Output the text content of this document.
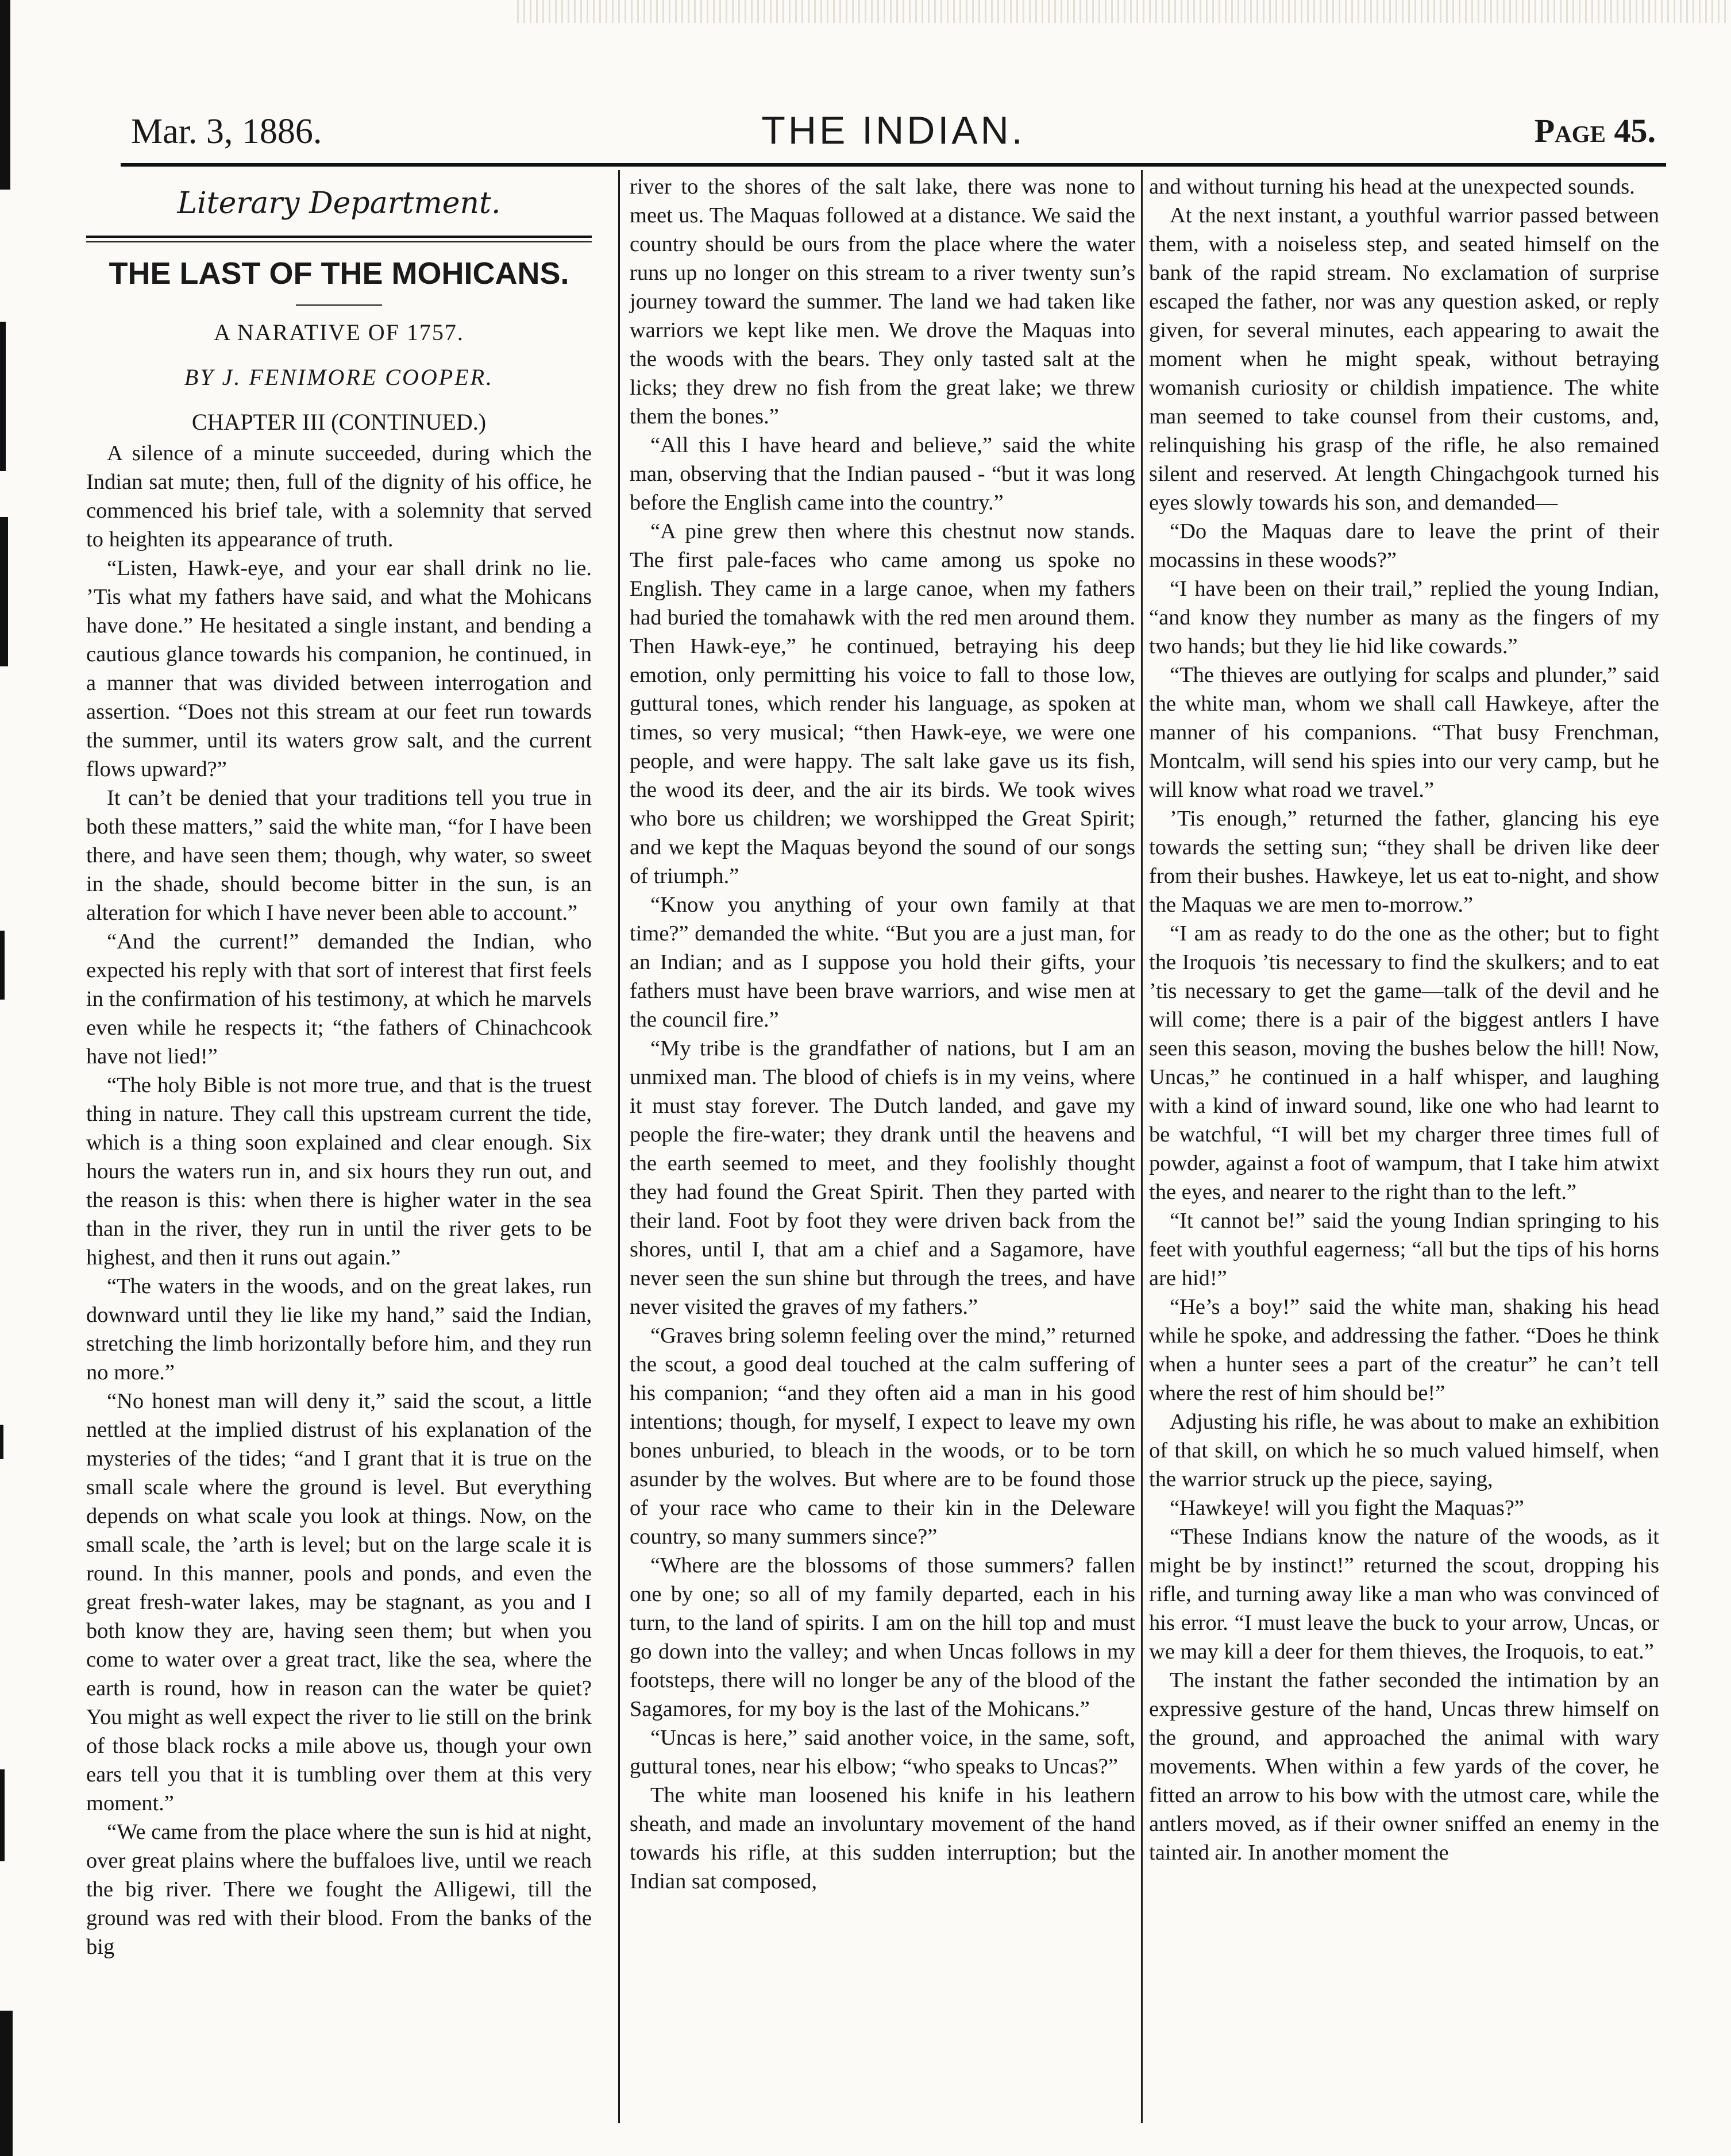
Mar. 3, 1886.	THE INDIAN.	Page 45.
Literary Department.
THE LAST OF THE MOHICANS.
A NARATIVE OF 1757.
BY J. FENIMORE COOPER.
CHAPTER III (CONTINUED.)

A silence of a minute succeeded, during which the Indian sat mute; then, full of the dignity of his office, he commenced his brief tale, with a solemnity that served to heighten its appearance of truth.

“Listen, Hawk-eye, and your ear shall drink no lie. ’Tis what my fathers have said, and what the Mohicans have done.” He hesitated a single instant, and bending a cautious glance towards his companion, he continued, in a manner that was divided between interrogation and assertion. “Does not this stream at our feet run towards the summer, until its waters grow salt, and the current flows upward?”

It can’t be denied that your traditions tell you true in both these matters,” said the white man, “for I have been there, and have seen them; though, why water, so sweet in the shade, should become bitter in the sun, is an alteration for which I have never been able to account.”

“And the current!” demanded the Indian, who expected his reply with that sort of interest that first feels in the confirmation of his testimony, at which he marvels even while he respects it; “the fathers of Chinachcook have not lied!”

“The holy Bible is not more true, and that is the truest thing in nature. They call this upstream current the tide, which is a thing soon explained and clear enough. Six hours the waters run in, and six hours they run out, and the reason is this: when there is higher water in the sea than in the river, they run in until the river gets to be highest, and then it runs out again.”

“The waters in the woods, and on the great lakes, run downward until they lie like my hand,” said the Indian, stretching the limb horizontally before him, and they run no more.”

“No honest man will deny it,” said the scout, a little nettled at the implied distrust of his explanation of the mysteries of the tides; “and I grant that it is true on the small scale where the ground is level. But everything depends on what scale you look at things. Now, on the small scale, the ’arth is level; but on the large scale it is round. In this manner, pools and ponds, and even the great fresh-water lakes, may be stagnant, as you and I both know they are, having seen them; but when you come to water over a great tract, like the sea, where the earth is round, how in reason can the water be quiet? You might as well expect the river to lie still on the brink of those black rocks a mile above us, though your own ears tell you that it is tumbling over them at this very moment.”

“We came from the place where the sun is hid at night, over great plains where the buffaloes live, until we reach the big river. There we fought the Alligewi, till the ground was red with their blood. From the banks of the big

river to the shores of the salt lake, there was none to meet us. The Maquas followed at a distance. We said the country should be ours from the place where the water runs up no longer on this stream to a river twenty sun’s journey toward the summer. The land we had taken like warriors we kept like men. We drove the Maquas into the woods with the bears. They only tasted salt at the licks; they drew no fish from the great lake; we threw them the bones.”

“All this I have heard and believe,” said the white man, observing that the Indian paused - “but it was long before the English came into the country.”

“A pine grew then where this chestnut now stands. The first pale-faces who came among us spoke no English. They came in a large canoe, when my fathers had buried the tomahawk with the red men around them. Then Hawk-eye,” he continued, betraying his deep emotion, only permitting his voice to fall to those low, guttural tones, which render his language, as spoken at times, so very musical; “then Hawk-eye, we were one people, and were happy. The salt lake gave us its fish, the wood its deer, and the air its birds. We took wives who bore us children; we worshipped the Great Spirit; and we kept the Maquas beyond the sound of our songs of triumph.”

“Know you anything of your own family at that time?” demanded the white. “But you are a just man, for an Indian; and as I suppose you hold their gifts, your fathers must have been brave warriors, and wise men at the council fire.”

“My tribe is the grandfather of nations, but I am an unmixed man. The blood of chiefs is in my veins, where it must stay forever. The Dutch landed, and gave my people the fire-water; they drank until the heavens and the earth seemed to meet, and they foolishly thought they had found the Great Spirit. Then they parted with their land. Foot by foot they were driven back from the shores, until I, that am a chief and a Sagamore, have never seen the sun shine but through the trees, and have never visited the graves of my fathers.”

“Graves bring solemn feeling over the mind,” returned the scout, a good deal touched at the calm suffering of his companion; “and they often aid a man in his good intentions; though, for myself, I expect to leave my own bones unburied, to bleach in the woods, or to be torn asunder by the wolves. But where are to be found those of your race who came to their kin in the Deleware country, so many summers since?”

“Where are the blossoms of those summers? fallen one by one; so all of my family departed, each in his turn, to the land of spirits. I am on the hill top and must go down into the valley; and when Uncas follows in my footsteps, there will no longer be any of the blood of the Sagamores, for my boy is the last of the Mohicans.”

“Uncas is here,” said another voice, in the same, soft, guttural tones, near his elbow; “who speaks to Uncas?”

The white man loosened his knife in his leathern sheath, and made an involuntary movement of the hand towards his rifle, at this sudden interruption; but the Indian sat composed,

and without turning his head at the unexpected sounds.

At the next instant, a youthful warrior passed between them, with a noiseless step, and seated himself on the bank of the rapid stream. No exclamation of surprise escaped the father, nor was any question asked, or reply given, for several minutes, each appearing to await the moment when he might speak, without betraying womanish curiosity or childish impatience. The white man seemed to take counsel from their customs, and, relinquishing his grasp of the rifle, he also remained silent and reserved. At length Chingachgook turned his eyes slowly towards his son, and demanded—

“Do the Maquas dare to leave the print of their mocassins in these woods?”

“I have been on their trail,” replied the young Indian, “and know they number as many as the fingers of my two hands; but they lie hid like cowards.”

“The thieves are outlying for scalps and plunder,” said the white man, whom we shall call Hawkeye, after the manner of his companions. “That busy Frenchman, Montcalm, will send his spies into our very camp, but he will know what road we travel.”

’Tis enough,” returned the father, glancing his eye towards the setting sun; “they shall be driven like deer from their bushes. Hawkeye, let us eat to-night, and show the Maquas we are men to-morrow.”

“I am as ready to do the one as the other; but to fight the Iroquois ’tis necessary to find the skulkers; and to eat ’tis necessary to get the game—talk of the devil and he will come; there is a pair of the biggest antlers I have seen this season, moving the bushes below the hill! Now, Uncas,” he continued in a half whisper, and laughing with a kind of inward sound, like one who had learnt to be watchful, “I will bet my charger three times full of powder, against a foot of wampum, that I take him atwixt the eyes, and nearer to the right than to the left.”

“It cannot be!” said the young Indian springing to his feet with youthful eagerness; “all but the tips of his horns are hid!”

“He’s a boy!” said the white man, shaking his head while he spoke, and addressing the father. “Does he think when a hunter sees a part of the creatur” he can’t tell where the rest of him should be!”

Adjusting his rifle, he was about to make an exhibition of that skill, on which he so much valued himself, when the warrior struck up the piece, saying,

“Hawkeye! will you fight the Maquas?”

“These Indians know the nature of the woods, as it might be by instinct!” returned the scout, dropping his rifle, and turning away like a man who was convinced of his error. “I must leave the buck to your arrow, Uncas, or we may kill a deer for them thieves, the Iroquois, to eat.”

The instant the father seconded the intimation by an expressive gesture of the hand, Uncas threw himself on the ground, and approached the animal with wary movements. When within a few yards of the cover, he fitted an arrow to his bow with the utmost care, while the antlers moved, as if their owner sniffed an enemy in the tainted air. In another moment the
